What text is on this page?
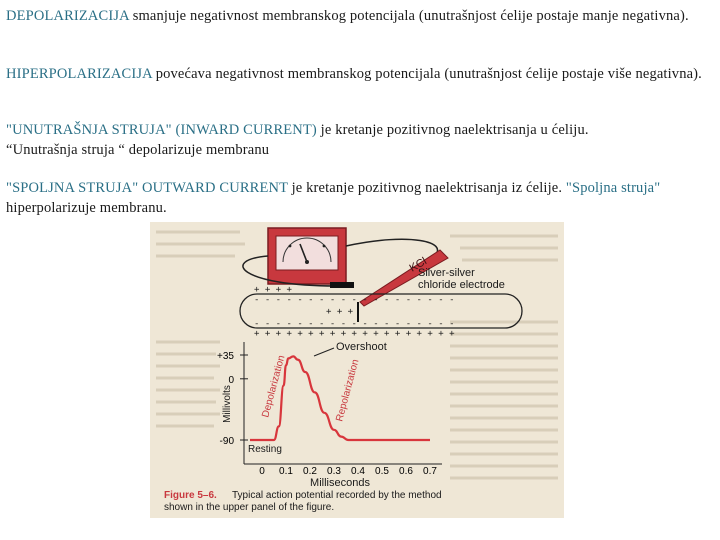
DEPOLARIZACIJA smanjuje negativnost membranskog potencijala (unutrašnjost ćelije postaje manje negativna).

HIPERPOLARIZACIJA povećava negativnost membranskog potencijala (unutrašnjost ćelije postaje više negativna).

"UNUTRAŠNJA STRUJA" (INWARD CURRENT) je kretanje pozitivnog naelektrisanja u ćeliju.
“Unutrašnja struja “ depolarizuje membranu

"SPOLJNA STRUJA" OUTWARD CURRENT je kretanje pozitivnog naelektrisanja iz ćelije. "Spoljna struja" hiperpolarizuje membranu.

KCl
Silver-silver
chloride electrode
+ + + +
- - - - - - - - - - - - - - - - - - -
- - - - - - - - - - - - - - - - - - -
+ + + + + + + + + + + + + + + + + + +
+ + +
Millivolts
Milliseconds
+35
0
-90
0 0.1 0.2 0.3 0.4 0.5 0.6 0.7
Overshoot
Depolarization	Repolarization
Resting
Figure 5–6. Typical action potential recorded by the method
shown in the upper panel of the figure.
